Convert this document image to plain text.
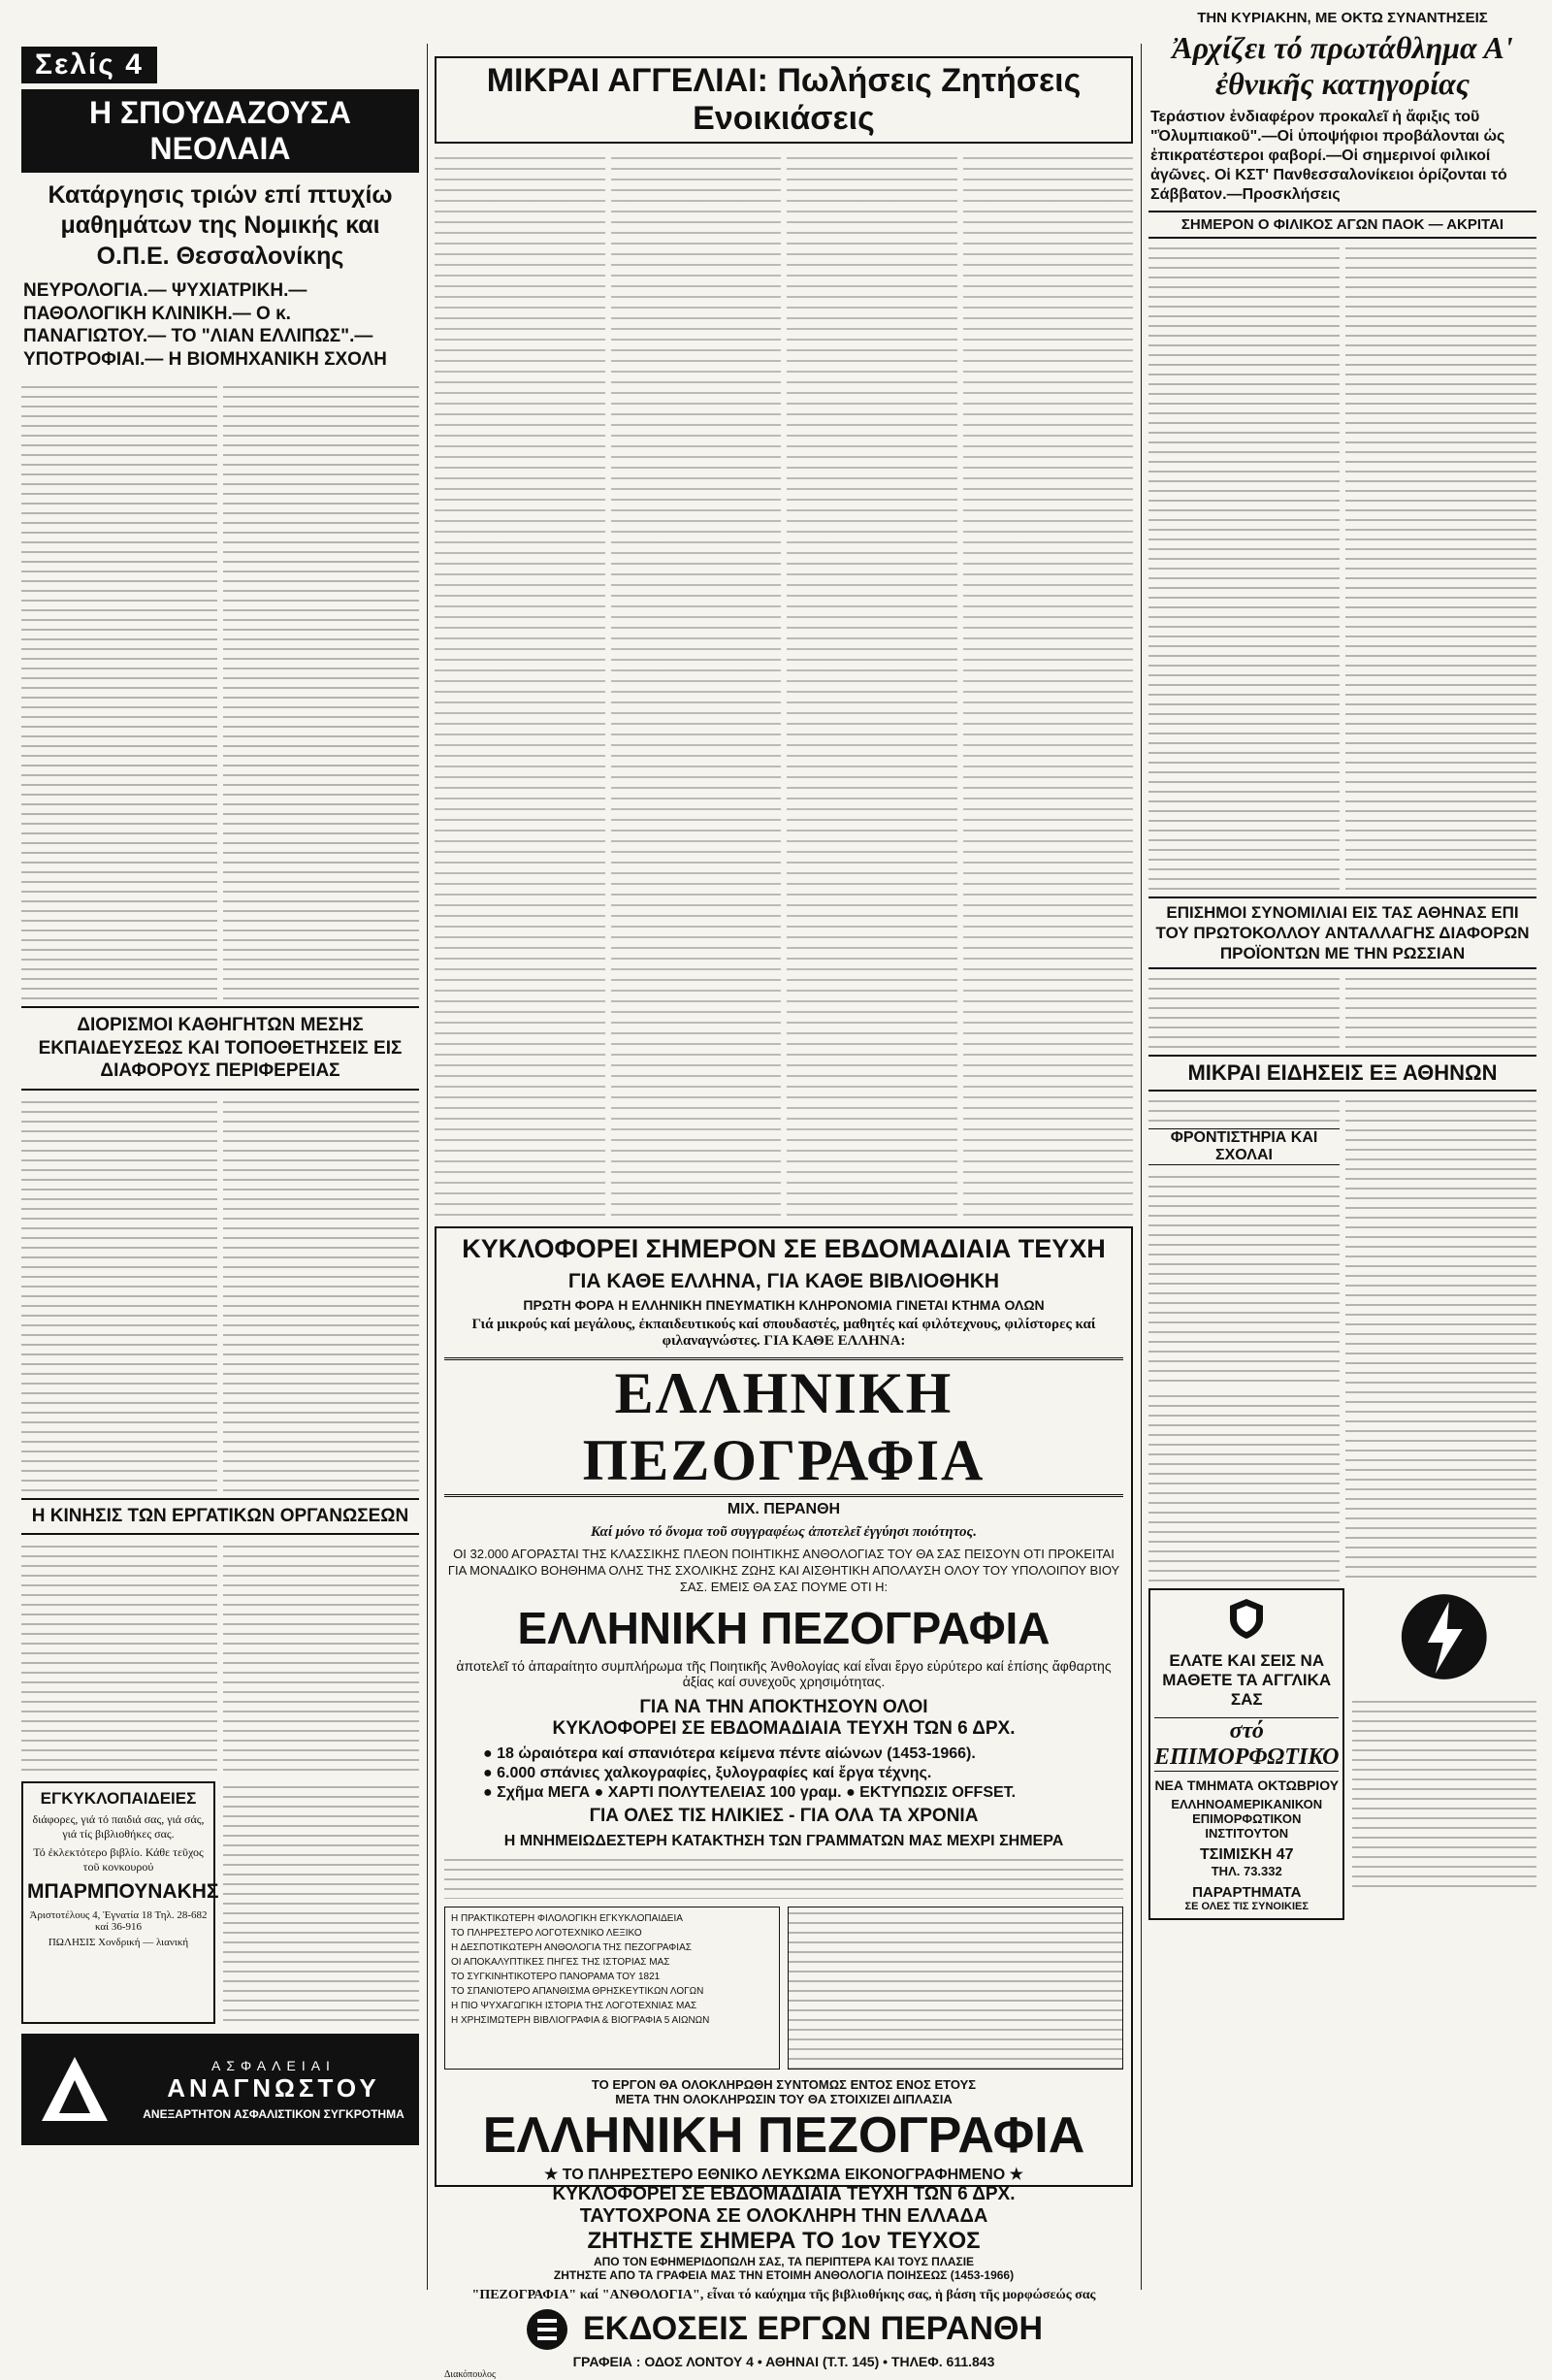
Σελίς 4
Η ΣΠΟΥΔΑΖΟΥΣΑ ΝΕΟΛΑΙΑ
Κατάργησις τριών επί πτυχίω μαθημάτων της Νομικής και Ο.Π.Ε. Θεσσαλονίκης
ΝΕΥΡΟΛΟΓΙΑ.— ΨΥΧΙΑΤΡΙΚΗ.— ΠΑΘΟΛΟΓΙΚΗ ΚΛΙΝΙΚΗ.— Ο κ. ΠΑΝΑΓΙΩΤΟΥ.— ΤΟ "ΛΙΑΝ ΕΛΛΙΠΩΣ".— ΥΠΟΤΡΟΦΙΑΙ.— Η ΒΙΟΜΗΧΑΝΙΚΗ ΣΧΟΛΗ
ΔΙΟΡΙΣΜΟΙ ΚΑΘΗΓΗΤΩΝ ΜΕΣΗΣ ΕΚΠΑΙΔΕΥΣΕΩΣ ΚΑΙ ΤΟΠΟΘΕΤΗΣΕΙΣ ΕΙΣ ΔΙΑΦΟΡΟΥΣ ΠΕΡΙΦΕΡΕΙΑΣ
Η ΚΙΝΗΣΙΣ ΤΩΝ ΕΡΓΑΤΙΚΩΝ ΟΡΓΑΝΩΣΕΩΝ
ΕΓΚΥΚΛΟΠΑΙΔΕΙΕΣ
διάφορες, γιά τό παιδιά σας, γιά σάς, γιά τίς βιβλιοθήκες σας.
Τό ἐκλεκτότερο βιβλίο. Κάθε τεῦχος τοῦ κονκουρού
ΜΠΑΡΜΠΟΥΝΑΚΗΣ
Ἀριστοτέλους 4, Ἐγνατία 18 Τηλ. 28-682 καί 36-916
ΠΩΛΗΣΙΣ Χονδρική — λιανική
ΑΣΦΑΛΕΙΑΙ
ΑΝΑΓΝΩΣΤΟΥ
ΑΝΕΞΑΡΤΗΤΟΝ ΑΣΦΑΛΙΣΤΙΚΟΝ ΣΥΓΚΡΟΤΗΜΑ
ΜΙΚΡΑΙ ΑΓΓΕΛΙΑΙ: Πωλήσεις Ζητήσεις Ενοικιάσεις
ΚΥΚΛΟΦΟΡΕΙ ΣΗΜΕΡΟΝ ΣΕ ΕΒΔΟΜΑΔΙΑΙΑ ΤΕΥΧΗ
ΓΙΑ ΚΑΘΕ ΕΛΛΗΝΑ, ΓΙΑ ΚΑΘΕ ΒΙΒΛΙΟΘΗΚΗ
ΠΡΩΤΗ ΦΟΡΑ Η ΕΛΛΗΝΙΚΗ ΠΝΕΥΜΑΤΙΚΗ ΚΛΗΡΟΝΟΜΙΑ ΓΙΝΕΤΑΙ ΚΤΗΜΑ ΟΛΩΝ
Γιά μικρούς καί μεγάλους, ἐκπαιδευτικούς καί σπουδαστές, μαθητές καί φιλότεχνους, φιλίστορες καί φιλαναγνώστες. ΓΙΑ ΚΑΘΕ ΕΛΛΗΝΑ:
ΕΛΛΗΝΙΚΗ ΠΕΖΟΓΡΑΦΙΑ
ΜΙΧ. ΠΕΡΑΝΘΗ
Καί μόνο τό ὄνομα τοῦ συγγραφέως ἀποτελεῖ ἐγγύησι ποιότητος.
ΟΙ 32.000 ΑΓΟΡΑΣΤΑΙ ΤΗΣ ΚΛΑΣΣΙΚΗΣ ΠΛΕΟΝ ΠΟΙΗΤΙΚΗΣ ΑΝΘΟΛΟΓΙΑΣ ΤΟΥ ΘΑ ΣΑΣ ΠΕΙΣΟΥΝ ΟΤΙ ΠΡΟΚΕΙΤΑΙ ΓΙΑ ΜΟΝΑΔΙΚΟ ΒΟΗΘΗΜΑ ΟΛΗΣ ΤΗΣ ΣΧΟΛΙΚΗΣ ΖΩΗΣ ΚΑΙ ΑΙΣΘΗΤΙΚΗ ΑΠΟΛΑΥΣΗ ΟΛΟΥ ΤΟΥ ΥΠΟΛΟΙΠΟΥ ΒΙΟΥ ΣΑΣ. ΕΜΕΙΣ ΘΑ ΣΑΣ ΠΟΥΜΕ ΟΤΙ Η:
ΕΛΛΗΝΙΚΗ ΠΕΖΟΓΡΑΦΙΑ
ἀποτελεῖ τό ἀπαραίτητο συμπλήρωμα τῆς Ποιητικῆς Ἀνθολογίας καί εἶναι ἔργο εὐρύτερο καί ἐπίσης ἄφθαρτης ἀξίας καί συνεχοῦς χρησιμότητας.
ΓΙΑ ΝΑ ΤΗΝ ΑΠΟΚΤΗΣΟΥΝ ΟΛΟΙ
ΚΥΚΛΟΦΟΡΕΙ ΣΕ ΕΒΔΟΜΑΔΙΑΙΑ ΤΕΥΧΗ ΤΩΝ 6 ΔΡΧ.
● 18 ὡραιότερα καί σπανιότερα κείμενα πέντε αἰώνων (1453-1966).
● 6.000 σπάνιες χαλκογραφίες, ξυλογραφίες καί ἔργα τέχνης.
● Σχῆμα ΜΕΓΑ ● ΧΑΡΤΙ ΠΟΛΥΤΕΛΕΙΑΣ 100 γραμ. ● ΕΚΤΥΠΩΣΙΣ OFFSET.
ΓΙΑ ΟΛΕΣ ΤΙΣ ΗΛΙΚΙΕΣ - ΓΙΑ ΟΛΑ ΤΑ ΧΡΟΝΙΑ
Η ΜΝΗΜΕΙΩΔΕΣΤΕΡΗ ΚΑΤΑΚΤΗΣΗ ΤΩΝ ΓΡΑΜΜΑΤΩΝ ΜΑΣ ΜΕΧΡΙ ΣΗΜΕΡΑ
Η ΠΡΑΚΤΙΚΩΤΕΡΗ ΦΙΛΟΛΟΓΙΚΗ ΕΓΚΥΚΛΟΠΑΙΔΕΙΑ
ΤΟ ΠΛΗΡΕΣΤΕΡΟ ΛΟΓΟΤΕΧΝΙΚΟ ΛΕΞΙΚΟ
Η ΔΕΣΠΟΤΙΚΩΤΕΡΗ ΑΝΘΟΛΟΓΙΑ ΤΗΣ ΠΕΖΟΓΡΑΦΙΑΣ
ΟΙ ΑΠΟΚΑΛΥΠΤΙΚΕΣ ΠΗΓΕΣ ΤΗΣ ΙΣΤΟΡΙΑΣ ΜΑΣ
ΤΟ ΣΥΓΚΙΝΗΤΙΚΟΤΕΡΟ ΠΑΝΟΡΑΜΑ ΤΟΥ 1821
ΤΟ ΣΠΑΝΙΟΤΕΡΟ ΑΠΑΝΘΙΣΜΑ ΘΡΗΣΚΕΥΤΙΚΩΝ ΛΟΓΩΝ
Η ΠΙΟ ΨΥΧΑΓΩΓΙΚΗ ΙΣΤΟΡΙΑ ΤΗΣ ΛΟΓΟΤΕΧΝΙΑΣ ΜΑΣ
Η ΧΡΗΣΙΜΩΤΕΡΗ ΒΙΒΛΙΟΓΡΑΦΙΑ & ΒΙΟΓΡΑΦΙΑ 5 ΑΙΩΝΩΝ
ΤΟ ΕΡΓΟΝ ΘΑ ΟΛΟΚΛΗΡΩΘΗ ΣΥΝΤΟΜΩΣ ΕΝΤΟΣ ΕΝΟΣ ΕΤΟΥΣ
ΜΕΤΑ ΤΗΝ ΟΛΟΚΛΗΡΩΣΙΝ ΤΟΥ ΘΑ ΣΤΟΙΧΙΖΕΙ ΔΙΠΛΑΣΙΑ
ΕΛΛΗΝΙΚΗ ΠΕΖΟΓΡΑΦΙΑ
★ ΤΟ ΠΛΗΡΕΣΤΕΡΟ ΕΘΝΙΚΟ ΛΕΥΚΩΜΑ ΕΙΚΟΝΟΓΡΑΦΗΜΕΝΟ ★
ΚΥΚΛΟΦΟΡΕΙ ΣΕ ΕΒΔΟΜΑΔΙΑΙΑ ΤΕΥΧΗ ΤΩΝ 6 ΔΡΧ.
ΤΑΥΤΟΧΡΟΝΑ ΣΕ ΟΛΟΚΛΗΡΗ ΤΗΝ ΕΛΛΑΔΑ
ΖΗΤΗΣΤΕ ΣΗΜΕΡΑ ΤΟ 1ον ΤΕΥΧΟΣ
ΑΠΟ ΤΟΝ ΕΦΗΜΕΡΙΔΟΠΩΛΗ ΣΑΣ, ΤΑ ΠΕΡΙΠΤΕΡΑ ΚΑΙ ΤΟΥΣ ΠΛΑΣΙΕ
ΖΗΤΗΣΤΕ ΑΠΟ ΤΑ ΓΡΑΦΕΙΑ ΜΑΣ ΤΗΝ ΕΤΟΙΜΗ ΑΝΘΟΛΟΓΙΑ ΠΟΙΗΣΕΩΣ (1453-1966)
"ΠΕΖΟΓΡΑΦΙΑ" καί "ΑΝΘΟΛΟΓΙΑ", εἶναι τό καύχημα τῆς βιβλιοθήκης σας, ἡ βάση τῆς μορφώσεώς σας
ΕΚΔΟΣΕΙΣ ΕΡΓΩΝ ΠΕΡΑΝΘΗ
ΓΡΑΦΕΙΑ : ΟΔΟΣ ΛΟΝΤΟΥ 4 • ΑΘΗΝΑΙ (Τ.Τ. 145) • ΤΗΛΕΦ. 611.843
Διακόπουλος
ΤΗΝ ΚΥΡΙΑΚΗΝ, ΜΕ ΟΚΤΩ ΣΥΝΑΝΤΗΣΕΙΣ
Ἀρχίζει τό πρωτάθλημα Α' ἐθνικῆς κατηγορίας
Τεράστιον ἐνδιαφέρον προκαλεῖ ἡ ἄφιξις τοῦ "Ὀλυμπιακοῦ".—Οἱ ὑποψήφιοι προβάλονται ὡς ἐπικρατέστεροι φαβορί.—Οἱ σημερινοί φιλικοί ἀγῶνες. Οἱ ΚΣΤ' Πανθεσσαλονίκειοι ὁρίζονται τό Σάββατον.—Προσκλήσεις
ΣΗΜΕΡΟΝ Ο ΦΙΛΙΚΟΣ ΑΓΩΝ ΠΑΟΚ — ΑΚΡΙΤΑΙ
ΕΠΙΣΗΜΟΙ ΣΥΝΟΜΙΛΙΑΙ ΕΙΣ ΤΑΣ ΑΘΗΝΑΣ ΕΠΙ ΤΟΥ ΠΡΩΤΟΚΟΛΛΟΥ ΑΝΤΑΛΛΑΓΗΣ ΔΙΑΦΟΡΩΝ ΠΡΟΪΟΝΤΩΝ ΜΕ ΤΗΝ ΡΩΣΣΙΑΝ
ΜΙΚΡΑΙ ΕΙΔΗΣΕΙΣ ΕΞ ΑΘΗΝΩΝ
ΦΡΟΝΤΙΣΤΗΡΙΑ ΚΑΙ ΣΧΟΛΑΙ
ΕΛΑΤΕ ΚΑΙ ΣΕΙΣ ΝΑ ΜΑΘΕΤΕ ΤΑ ΑΓΓΛΙΚΑ ΣΑΣ
στό ΕΠΙΜΟΡΦΩΤΙΚΟ
ΝΕΑ ΤΜΗΜΑΤΑ ΟΚΤΩΒΡΙΟΥ
ΕΛΛΗΝΟΑΜΕΡΙΚΑΝΙΚΟΝ ΕΠΙΜΟΡΦΩΤΙΚΟΝ ΙΝΣΤΙΤΟΥΤΟΝ
ΤΣΙΜΙΣΚΗ 47
ΤΗΛ. 73.332
ΠΑΡΑΡΤΗΜΑΤΑ
ΣΕ ΟΛΕΣ ΤΙΣ ΣΥΝΟΙΚΙΕΣ
